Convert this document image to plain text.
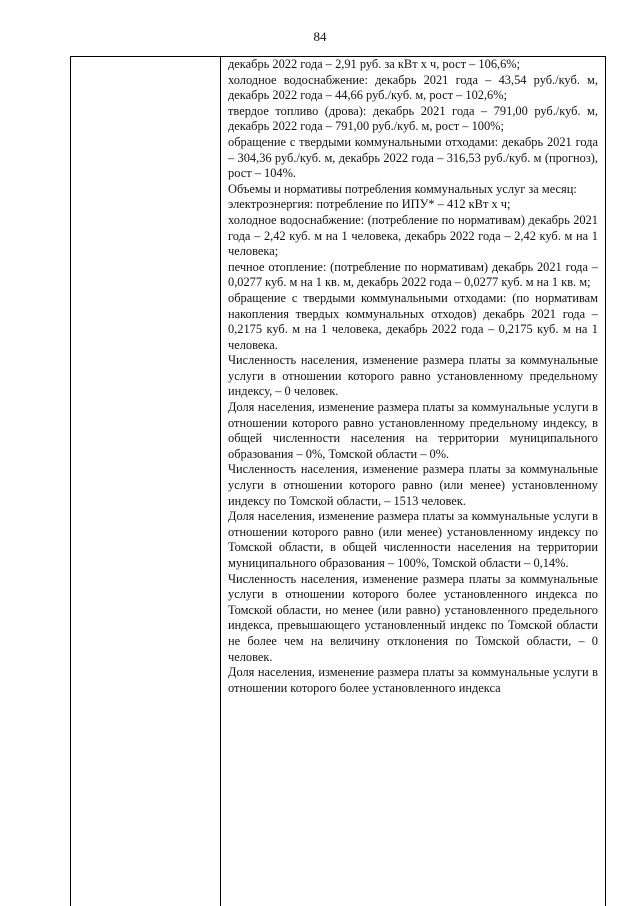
84

декабрь 2022 года – 2,91 руб. за кВт х ч, рост – 106,6%;

холодное водоснабжение: декабрь 2021 года – 43,54 руб./куб. м, декабрь 2022 года – 44,66 руб./куб. м, рост – 102,6%;

твердое топливо (дрова): декабрь 2021 года – 791,00 руб./куб. м, декабрь 2022 года – 791,00 руб./куб. м, рост – 100%;

обращение с твердыми коммунальными отходами: декабрь 2021 года – 304,36 руб./куб. м, декабрь 2022 года – 316,53 руб./куб. м (прогноз), рост – 104%.

Объемы и нормативы потребления коммунальных услуг за месяц:

электроэнергия: потребление по ИПУ* – 412 кВт х ч;

холодное водоснабжение: (потребление по нормативам) декабрь 2021 года – 2,42 куб. м на 1 человека, декабрь 2022 года – 2,42 куб. м на 1 человека;

печное отопление: (потребление по нормативам) декабрь 2021 года – 0,0277 куб. м на 1 кв. м, декабрь 2022 года – 0,0277 куб. м на 1 кв. м;

обращение с твердыми коммунальными отходами: (по нормативам накопления твердых коммунальных отходов) декабрь 2021 года – 0,2175 куб. м на 1 человека, декабрь 2022 года – 0,2175 куб. м на 1 человека.

Численность населения, изменение размера платы за коммунальные услуги в отношении которого равно установленному предельному индексу, – 0 человек.

Доля населения, изменение размера платы за коммунальные услуги в отношении которого равно установленному предельному индексу, в общей численности населения на территории муниципального образования – 0%, Томской области – 0%.

Численность населения, изменение размера платы за коммунальные услуги в отношении которого равно (или менее) установленному индексу по Томской области, – 1513 человек.

Доля населения, изменение размера платы за коммунальные услуги в отношении которого равно (или менее) установленному индексу по Томской области, в общей численности населения на территории муниципального образования – 100%, Томской области – 0,14%.

Численность населения, изменение размера платы за коммунальные услуги в отношении которого более установленного индекса по Томской области, но менее (или равно) установленного предельного индекса, превышающего установленный индекс по Томской области не более чем на величину отклонения по Томской области, – 0 человек.

Доля населения, изменение размера платы за коммунальные услуги в отношении которого более установленного индекса
